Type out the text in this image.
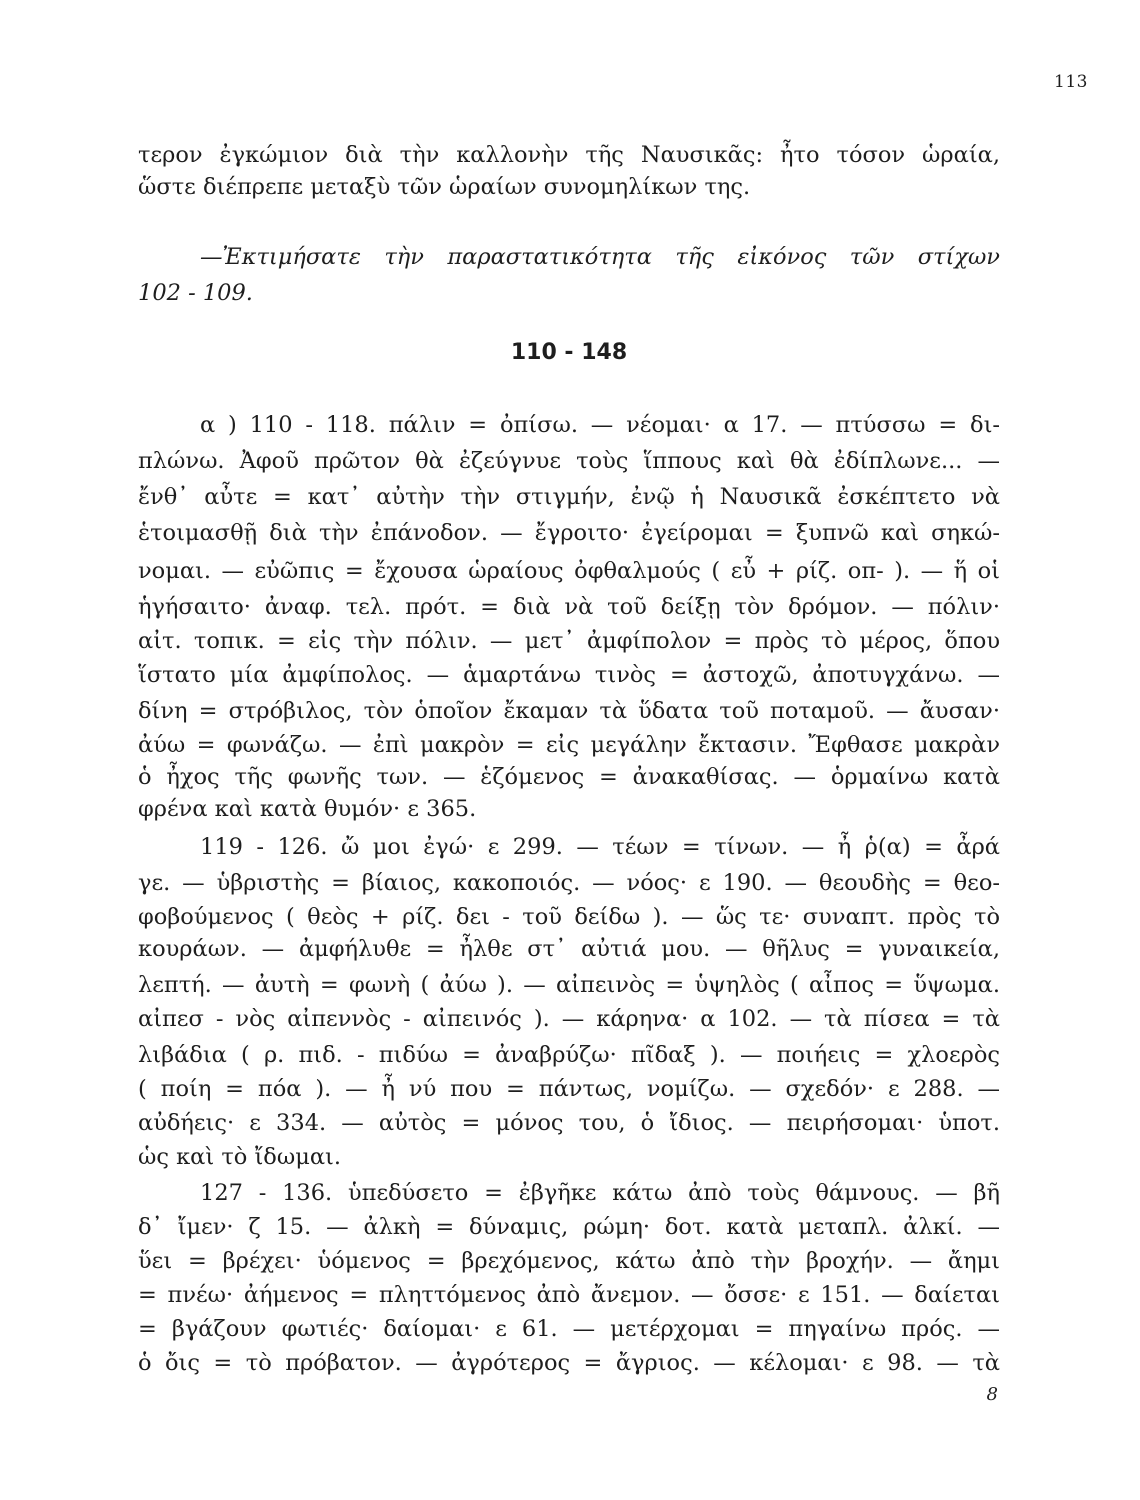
113
τερον ἐγκώμιον διὰ τὴν καλλονὴν τῆς Ναυσικᾶς: ἦτο τόσον ὡραία,
ὥστε διέπρεπε μεταξὺ τῶν ὡραίων συνομηλίκων της.
—Ἐκτιμήσατε τὴν παραστατικότητα τῆς εἰκόνος τῶν στίχων
102 - 109.
110 - 148
α ) 110 - 118. πάλιν = ὀπίσω. — νέομαι· α 17. — πτύσσω = δι-
πλώνω. Ἀφοῦ πρῶτον θὰ ἐζεύγνυε τοὺς ἵππους καὶ θὰ ἐδίπλωνε... —
ἔνθ᾽ αὖτε = κατ᾽ αὐτὴν τὴν στιγμήν, ἐνῷ ἡ Ναυσικᾶ ἐσκέπτετο νὰ
ἑτοιμασθῇ διὰ τὴν ἐπάνοδον. — ἔγροιτο· ἐγείρομαι = ξυπνῶ καὶ σηκώ-
νομαι. — εὐῶπις = ἔχουσα ὡραίους ὀφθαλμούς ( εὖ + ρίζ. οπ- ). — ἥ οἱ
ἡγήσαιτο· ἀναφ. τελ. πρότ. = διὰ νὰ τοῦ δείξῃ τὸν δρόμον. — πόλιν·
αἰτ. τοπικ. = εἰς τὴν πόλιν. — μετ᾽ ἀμφίπολον = πρὸς τὸ μέρος, ὅπου
ἵστατο μία ἀμφίπολος. — ἁμαρτάνω τινὸς = ἀστοχῶ, ἀποτυγχάνω. —
δίνη = στρόβιλος, τὸν ὁποῖον ἔκαμαν τὰ ὕδατα τοῦ ποταμοῦ. — ἄυσαν·
ἀύω = φωνάζω. — ἐπὶ μακρὸν = εἰς μεγάλην ἔκτασιν. Ἔφθασε μακρὰν
ὁ ἦχος τῆς φωνῆς των. — ἑζόμενος = ἀνακαθίσας. — ὁρμαίνω κατὰ
φρένα καὶ κατὰ θυμόν· ε 365.
119 - 126. ὤ μοι ἐγώ· ε 299. — τέων = τίνων. — ἦ ῥ(α) = ἆρά
γε. — ὑβριστὴς = βίαιος, κακοποιός. — νόος· ε 190. — θεουδὴς = θεο-
φοβούμενος ( θεὸς + ρίζ. δει - τοῦ δείδω ). — ὥς τε· συναπτ. πρὸς τὸ
κουράων. — ἀμφήλυθε = ἦλθε στ᾽ αὐτιά μου. — θῆλυς = γυναικεία,
λεπτή. — ἀυτὴ = φωνὴ ( ἀύω ). — αἰπεινὸς = ὑψηλὸς ( αἶπος = ὕψωμα.
αἰπεσ - νὸς αἰπεννὸς - αἰπεινός ). — κάρηνα· α 102. — τὰ πίσεα = τὰ
λιβάδια ( ρ. πιδ. - πιδύω = ἀναβρύζω· πῖδαξ ). — ποιήεις = χλοερὸς
( ποίη = πόα ). — ἦ νύ που = πάντως, νομίζω. — σχεδόν· ε 288. —
αὐδήεις· ε 334. — αὐτὸς = μόνος του, ὁ ἴδιος. — πειρήσομαι· ὑποτ.
ὡς καὶ τὸ ἴδωμαι.
127 - 136. ὑπεδύσετο = ἐβγῆκε κάτω ἀπὸ τοὺς θάμνους. — βῆ
δ᾽ ἴμεν· ζ 15. — ἀλκὴ = δύναμις, ρώμη· δοτ. κατὰ μεταπλ. ἀλκί. —
ὕει = βρέχει· ὑόμενος = βρεχόμενος, κάτω ἀπὸ τὴν βροχήν. — ἄημι
= πνέω· ἀήμενος = πληττόμενος ἀπὸ ἄνεμον. — ὄσσε· ε 151. — δαίεται
= βγάζουν φωτιές· δαίομαι· ε 61. — μετέρχομαι = πηγαίνω πρός. —
ὁ ὄις = τὸ πρόβατον. — ἀγρότερος = ἄγριος. — κέλομαι· ε 98. — τὰ
8
